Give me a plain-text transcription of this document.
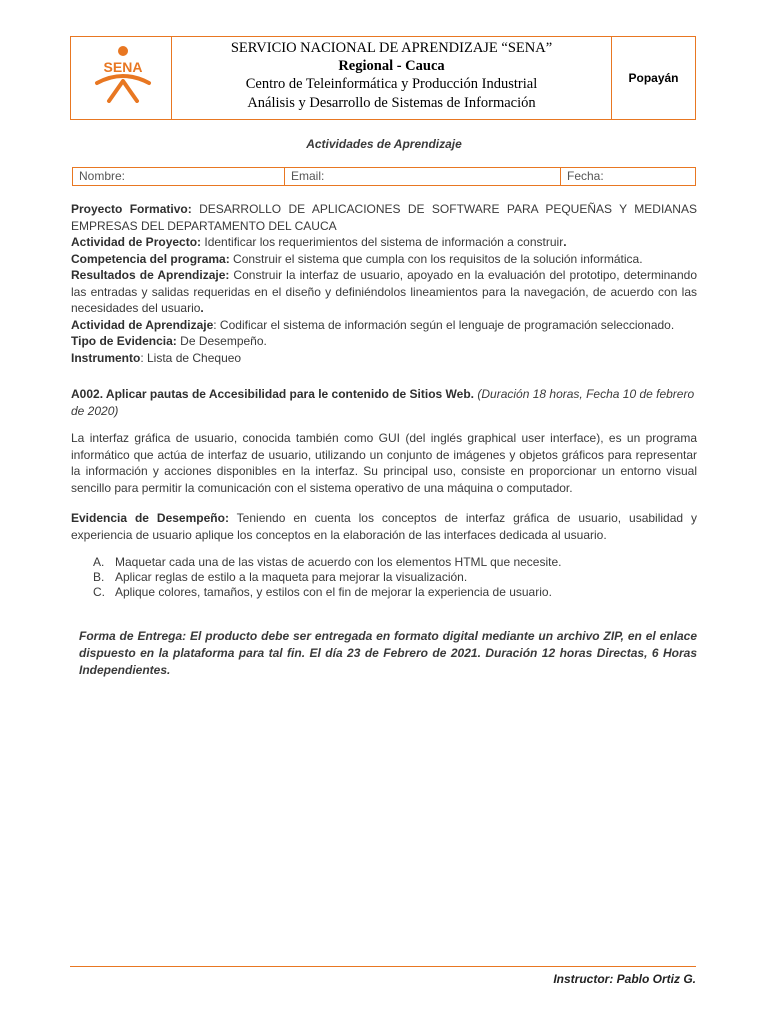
SENA
SERVICIO NACIONAL DE APRENDIZAJE “SENA”
Regional - Cauca
Centro de Teleinformática y Producción Industrial
Análisis y Desarrollo de Sistemas de Información
Popayán
Actividades de Aprendizaje
Nombre:	Email:	Fecha:
Proyecto Formativo: DESARROLLO DE APLICACIONES DE SOFTWARE PARA PEQUEÑAS Y MEDIANAS EMPRESAS DEL DEPARTAMENTO DEL CAUCA
Actividad de Proyecto: Identificar los requerimientos del sistema de información a construir.
Competencia del programa: Construir el sistema que cumpla con los requisitos de la solución informática.
Resultados de Aprendizaje: Construir la interfaz de usuario, apoyado en la evaluación del prototipo, determinando las entradas y salidas requeridas en el diseño y definiéndolos lineamientos para la navegación, de acuerdo con las necesidades del usuario.
Actividad de Aprendizaje: Codificar el sistema de información según el lenguaje de programación seleccionado.
Tipo de Evidencia: De Desempeño.
Instrumento: Lista de Chequeo
A002. Aplicar pautas de Accesibilidad para le contenido de Sitios Web. (Duración 18 horas, Fecha 10 de febrero de 2020)
La interfaz gráfica de usuario, conocida también como GUI (del inglés graphical user interface), es un programa informático que actúa de interfaz de usuario, utilizando un conjunto de imágenes y objetos gráficos para representar la información y acciones disponibles en la interfaz. Su principal uso, consiste en proporcionar un entorno visual sencillo para permitir la comunicación con el sistema operativo de una máquina o computador.
Evidencia de Desempeño: Teniendo en cuenta los conceptos de interfaz gráfica de usuario, usabilidad y experiencia de usuario aplique los conceptos en la elaboración de las interfaces dedicada al usuario.
A. Maquetar cada una de las vistas de acuerdo con los elementos HTML que necesite.
B. Aplicar reglas de estilo a la maqueta para mejorar la visualización.
C. Aplique colores, tamaños, y estilos con el fin de mejorar la experiencia de usuario.
Forma de Entrega: El producto debe ser entregada en formato digital mediante un archivo ZIP, en el enlace dispuesto en la plataforma para tal fin. El día 23 de Febrero de 2021. Duración 12 horas Directas, 6 Horas Independientes.
Instructor: Pablo Ortiz G.
